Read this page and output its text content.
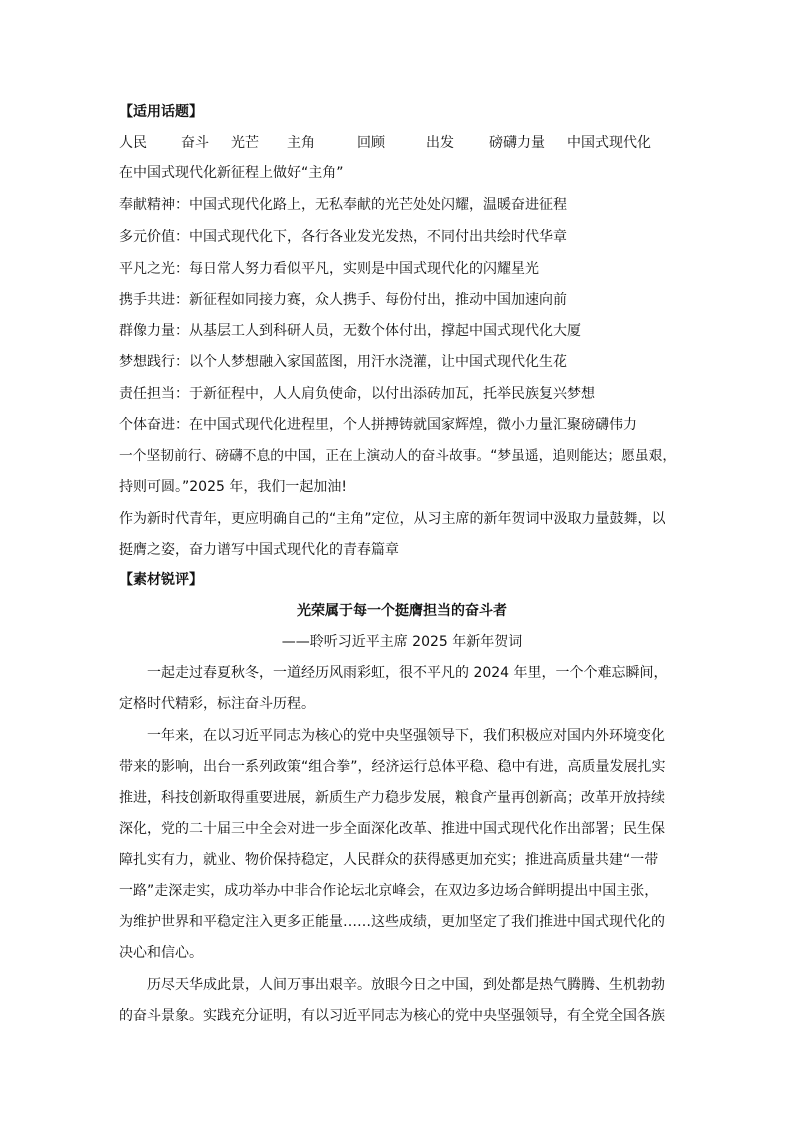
【适用话题】
人民 奋斗 光芒 主角	回顾	出发	磅礴力量 中国式现代化
在中国式现代化新征程上做好“主角”
奉献精神：中国式现代化路上，无私奉献的光芒处处闪耀，温暖奋进征程
多元价值：中国式现代化下，各行各业发光发热，不同付出共绘时代华章
平凡之光：每日常人努力看似平凡，实则是中国式现代化的闪耀星光
携手共进：新征程如同接力赛，众人携手、每份付出，推动中国加速向前
群像力量：从基层工人到科研人员，无数个体付出，撑起中国式现代化大厦
梦想践行：以个人梦想融入家国蓝图，用汗水浇灌，让中国式现代化生花
责任担当：于新征程中，人人肩负使命，以付出添砖加瓦，托举民族复兴梦想
个体奋进：在中国式现代化进程里，个人拼搏铸就国家辉煌，微小力量汇聚磅礴伟力
一个坚韧前行、磅礴不息的中国，正在上演动人的奋斗故事。“梦虽遥，追则能达；愿虽艰，
持则可圆。”2025 年，我们一起加油!
作为新时代青年，更应明确自己的“主角”定位，从习主席的新年贺词中汲取力量鼓舞，以
挺膺之姿，奋力谱写中国式现代化的青春篇章
【素材锐评】
光荣属于每一个挺膺担当的奋斗者
——聆听习近平主席 2025 年新年贺词
一起走过春夏秋冬，一道经历风雨彩虹，很不平凡的 2024 年里，一个个难忘瞬间，
定格时代精彩，标注奋斗历程。
一年来，在以习近平同志为核心的党中央坚强领导下，我们积极应对国内外环境变化
带来的影响，出台一系列政策“组合拳”，经济运行总体平稳、稳中有进，高质量发展扎实
推进，科技创新取得重要进展，新质生产力稳步发展，粮食产量再创新高；改革开放持续
深化，党的二十届三中全会对进一步全面深化改革、推进中国式现代化作出部署；民生保
障扎实有力，就业、物价保持稳定，人民群众的获得感更加充实；推进高质量共建“一带
一路”走深走实，成功举办中非合作论坛北京峰会，在双边多边场合鲜明提出中国主张，
为维护世界和平稳定注入更多正能量……这些成绩，更加坚定了我们推进中国式现代化的
决心和信心。
历尽天华成此景，人间万事出艰辛。放眼今日之中国，到处都是热气腾腾、生机勃勃
的奋斗景象。实践充分证明，有以习近平同志为核心的党中央坚强领导，有全党全国各族
